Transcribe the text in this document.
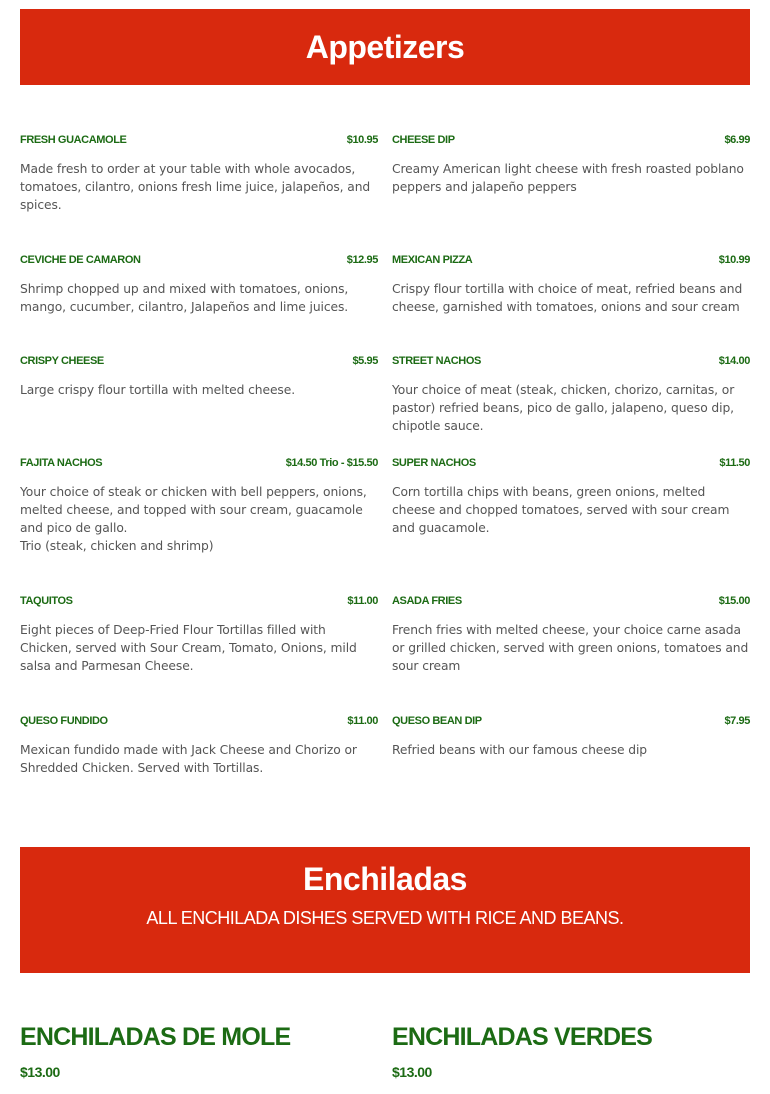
Appetizers
FRESH GUACAMOLE	$10.95
Made fresh to order at your table with whole avocados, tomatoes, cilantro, onions fresh lime juice, jalapeños, and spices.
CHEESE DIP	$6.99
Creamy American light cheese with fresh roasted poblano peppers and jalapeño peppers
CEVICHE DE CAMARON	$12.95
Shrimp chopped up and mixed with tomatoes, onions, mango, cucumber, cilantro, Jalapeños and lime juices.
MEXICAN PIZZA	$10.99
Crispy flour tortilla with choice of meat, refried beans and cheese, garnished with tomatoes, onions and sour cream
CRISPY CHEESE	$5.95
Large crispy flour tortilla with melted cheese.
STREET NACHOS	$14.00
Your choice of meat (steak, chicken, chorizo, carnitas, or pastor) refried beans, pico de gallo, jalapeno, queso dip, chipotle sauce.
FAJITA NACHOS	$14.50 Trio - $15.50
Your choice of steak or chicken with bell peppers, onions, melted cheese, and topped with sour cream, guacamole and pico de gallo.
Trio (steak, chicken and shrimp)
SUPER NACHOS	$11.50
Corn tortilla chips with beans, green onions, melted cheese and chopped tomatoes, served with sour cream and guacamole.
TAQUITOS	$11.00
Eight pieces of Deep-Fried Flour Tortillas filled with Chicken, served with Sour Cream, Tomato, Onions, mild salsa and Parmesan Cheese.
ASADA FRIES	$15.00
French fries with melted cheese, your choice carne asada or grilled chicken, served with green onions, tomatoes and sour cream
QUESO FUNDIDO	$11.00
Mexican fundido made with Jack Cheese and Chorizo or Shredded Chicken. Served with Tortillas.
QUESO BEAN DIP	$7.95
Refried beans with our famous cheese dip
Enchiladas
ALL ENCHILADA DISHES SERVED WITH RICE AND BEANS.
ENCHILADAS DE MOLE
$13.00
ENCHILADAS VERDES
$13.00
